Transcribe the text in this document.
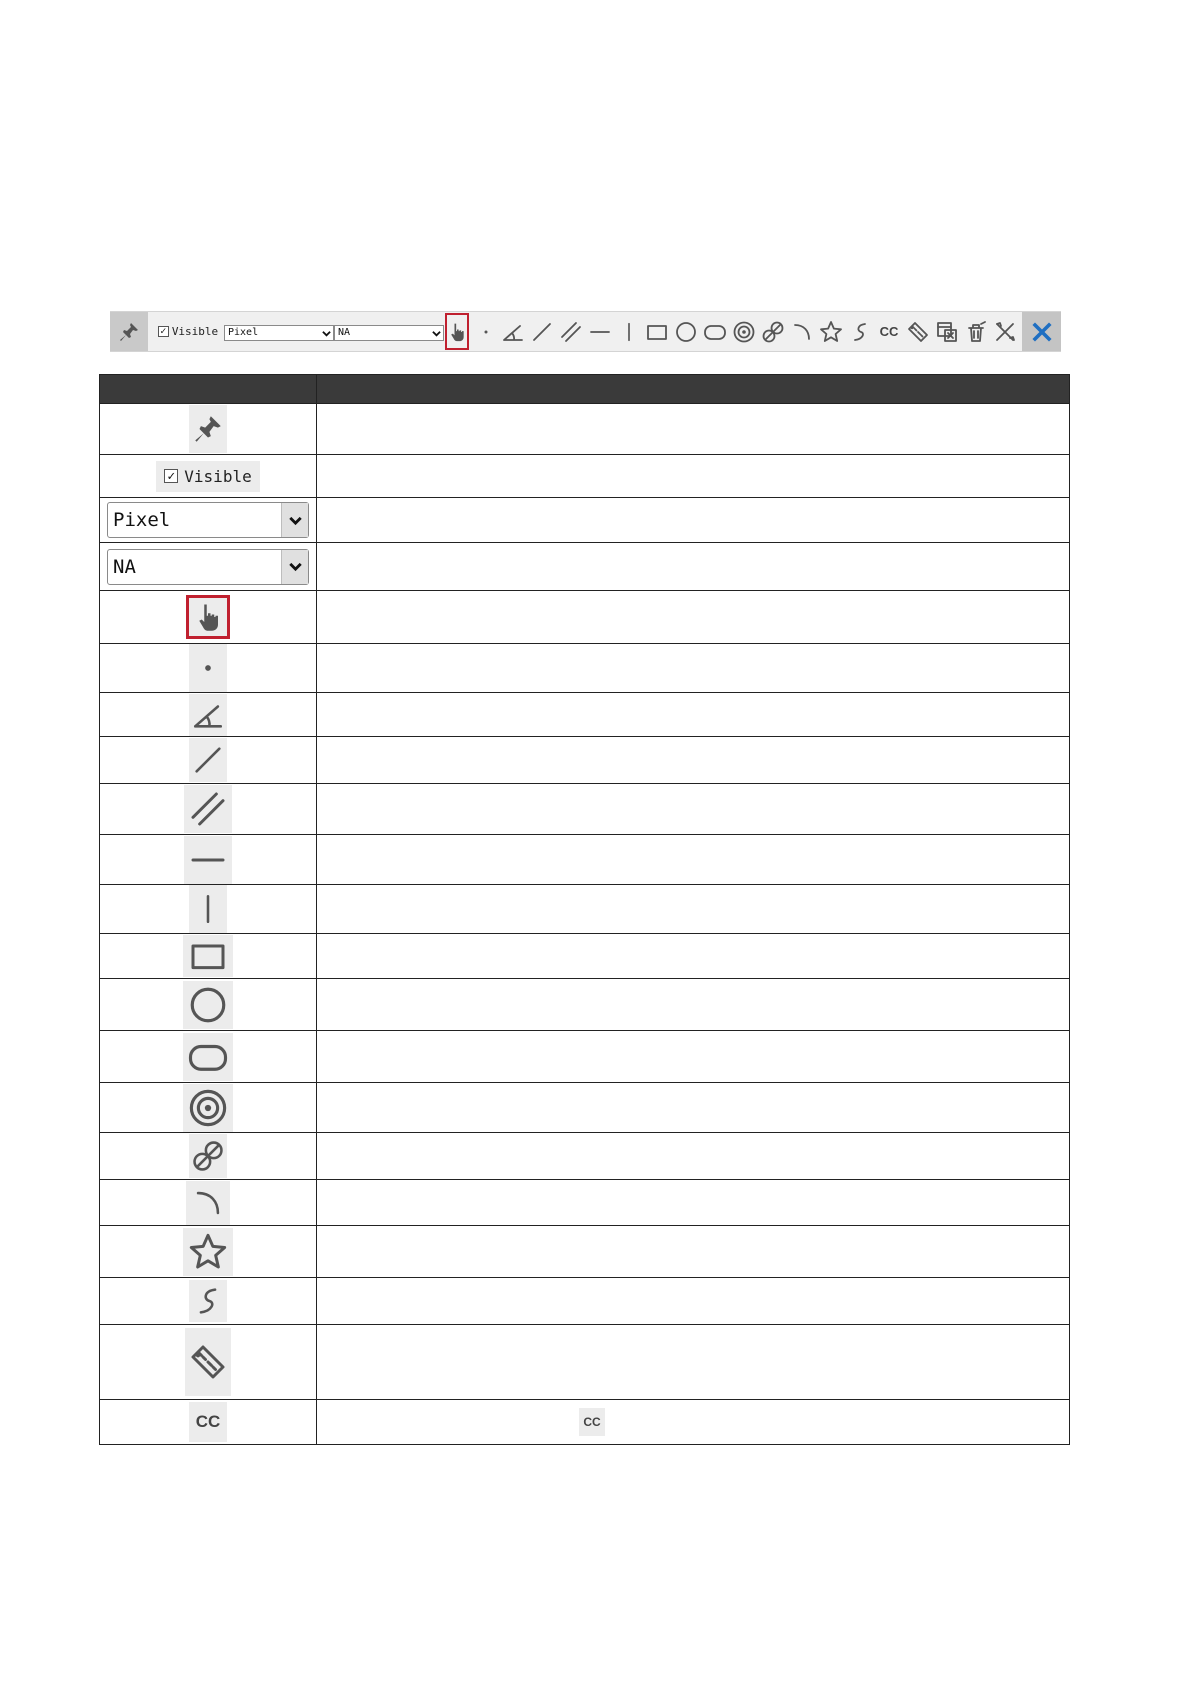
✓ Visible Pixel	NA	CC

✓ Visible	

Pixel

NA

CC	CC
